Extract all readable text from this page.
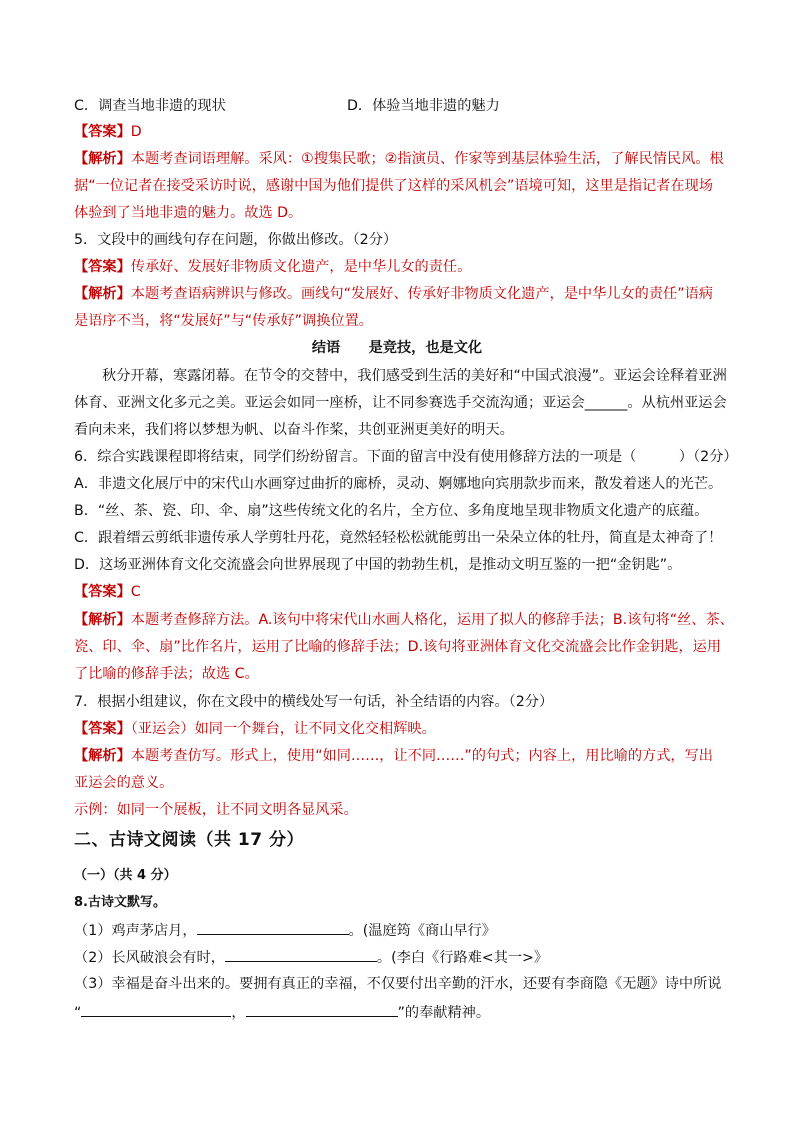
C．调查当地非遗的现状	D．体验当地非遗的魅力
【答案】D
【解析】本题考查词语理解。采风：①搜集民歌；②指演员、作家等到基层体验生活，了解民情民风。根
据“一位记者在接受采访时说，感谢中国为他们提供了这样的采风机会”语境可知，这里是指记者在现场
体验到了当地非遗的魅力。故选 D。
5．文段中的画线句存在问题，你做出修改。（2分）
【答案】传承好、发展好非物质文化遗产，是中华儿女的责任。
【解析】本题考查语病辨识与修改。画线句“发展好、传承好非物质文化遗产，是中华儿女的责任”语病
是语序不当，将“发展好”与“传承好”调换位置。
结语　　是竞技，也是文化
秋分开幕，寒露闭幕。在节令的交替中，我们感受到生活的美好和“中国式浪漫”。亚运会诠释着亚洲
体育、亚洲文化多元之美。亚运会如同一座桥，让不同参赛选手交流沟通；亚运会______。从杭州亚运会
看向未来，我们将以梦想为帆、以奋斗作桨，共创亚洲更美好的明天。
6．综合实践课程即将结束，同学们纷纷留言。下面的留言中没有使用修辞方法的一项是（　　　）（2分）
A．非遗文化展厅中的宋代山水画穿过曲折的廊桥，灵动、婀娜地向宾朋款步而来，散发着迷人的光芒。
B．“丝、茶、瓷、印、伞、扇”这些传统文化的名片，全方位、多角度地呈现非物质文化遗产的底蕴。
C．跟着缙云剪纸非遗传承人学剪牡丹花，竟然轻轻松松就能剪出一朵朵立体的牡丹，简直是太神奇了！
D．这场亚洲体育文化交流盛会向世界展现了中国的勃勃生机，是推动文明互鉴的一把“金钥匙”。
【答案】C
【解析】本题考查修辞方法。A.该句中将宋代山水画人格化，运用了拟人的修辞手法；B.该句将“丝、茶、
瓷、印、伞、扇”比作名片，运用了比喻的修辞手法；D.该句将亚洲体育文化交流盛会比作金钥匙，运用
了比喻的修辞手法；故选 C。
7．根据小组建议，你在文段中的横线处写一句话，补全结语的内容。（2分）
【答案】（亚运会）如同一个舞台，让不同文化交相辉映。
【解析】本题考查仿写。形式上，使用“如同……，让不同……”的句式；内容上，用比喻的方式，写出
亚运会的意义。
示例：如同一个展板，让不同文明各显风采。
二、古诗文阅读（共 17 分）
（一）（共 4 分）
8.古诗文默写。
（1）鸡声茅店月，	。(温庭筠《商山早行》
（2）长风破浪会有时，	。(李白《行路难<其一>》
（3）幸福是奋斗出来的。要拥有真正的幸福，不仅要付出辛勤的汗水，还要有李商隐《无题》诗中所说
“	，	”的奉献精神。
